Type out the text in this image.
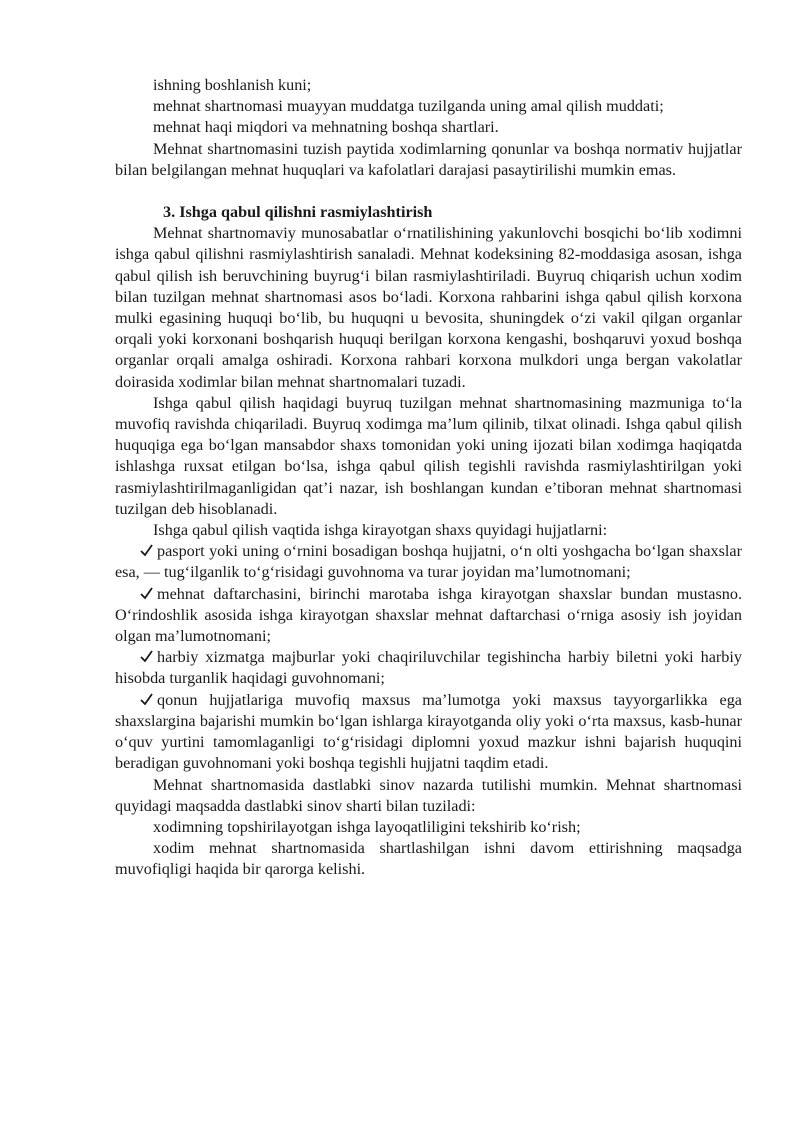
ishning boshlanish kuni;

mehnat shartnomasi muayyan muddatga tuzilganda uning amal qilish muddati;

mehnat haqi miqdori va mehnatning boshqa shartlari.

Mehnat shartnomasini tuzish paytida xodimlarning qonunlar va boshqa normativ hujjatlar bilan belgilangan mehnat huquqlari va kafolatlari darajasi pasaytirilishi mumkin emas.

3. Ishga qabul qilishni rasmiylashtirish

Mehnat shartnomaviy munosabatlar o‘rnatilishining yakunlovchi bosqichi bo‘lib xodimni ishga qabul qilishni rasmiylashtirish sanaladi. Mehnat kodeksining 82-moddasiga asosan, ishga qabul qilish ish beruvchining buyrug‘i bilan rasmiylashtiriladi. Buyruq chiqarish uchun xodim bilan tuzilgan mehnat shartnomasi asos bo‘ladi. Korxona rahbarini ishga qabul qilish korxona mulki egasining huquqi bo‘lib, bu huquqni u bevosita, shuningdek o‘zi vakil qilgan organlar orqali yoki korxonani boshqarish huquqi berilgan korxona kengashi, boshqaruvi yoxud boshqa organlar orqali amalga oshiradi. Korxona rahbari korxona mulkdori unga bergan vakolatlar doirasida xodimlar bilan mehnat shartnomalari tuzadi.

Ishga qabul qilish haqidagi buyruq tuzilgan mehnat shartnomasining mazmuniga to‘la muvofiq ravishda chiqariladi. Buyruq xodimga ma’lum qilinib, tilxat olinadi. Ishga qabul qilish huquqiga ega bo‘lgan mansabdor shaxs tomonidan yoki uning ijozati bilan xodimga haqiqatda ishlashga ruxsat etilgan bo‘lsa, ishga qabul qilish tegishli ravishda rasmiylashtirilgan yoki rasmiylashtirilmaganligidan qat’i nazar, ish boshlangan kundan e’tiboran mehnat shartnomasi tuzilgan deb hisoblanadi.

Ishga qabul qilish vaqtida ishga kirayotgan shaxs quyidagi hujjatlarni:

pasport yoki uning o‘rnini bosadigan boshqa hujjatni, o‘n olti yoshgacha bo‘lgan shaxslar esa, — tug‘ilganlik to‘g‘risidagi guvohnoma va turar joyidan ma’lumotnomani;

mehnat daftarchasini, birinchi marotaba ishga kirayotgan shaxslar bundan mustasno. O‘rindoshlik asosida ishga kirayotgan shaxslar mehnat daftarchasi o‘rniga asosiy ish joyidan olgan ma’lumotnomani;

harbiy xizmatga majburlar yoki chaqiriluvchilar tegishincha harbiy biletni yoki harbiy hisobda turganlik haqidagi guvohnomani;

qonun hujjatlariga muvofiq maxsus ma’lumotga yoki maxsus tayyorgarlikka ega shaxslargina bajarishi mumkin bo‘lgan ishlarga kirayotganda oliy yoki o‘rta maxsus, kasb-hunar o‘quv yurtini tamomlaganligi to‘g‘risidagi diplomni yoxud mazkur ishni bajarish huquqini beradigan guvohnomani yoki boshqa tegishli hujjatni taqdim etadi.

Mehnat shartnomasida dastlabki sinov nazarda tutilishi mumkin. Mehnat shartnomasi quyidagi maqsadda dastlabki sinov sharti bilan tuziladi:

xodimning topshirilayotgan ishga layoqatliligini tekshirib ko‘rish;

xodim mehnat shartnomasida shartlashilgan ishni davom ettirishning maqsadga muvofiqligi haqida bir qarorga kelishi.
